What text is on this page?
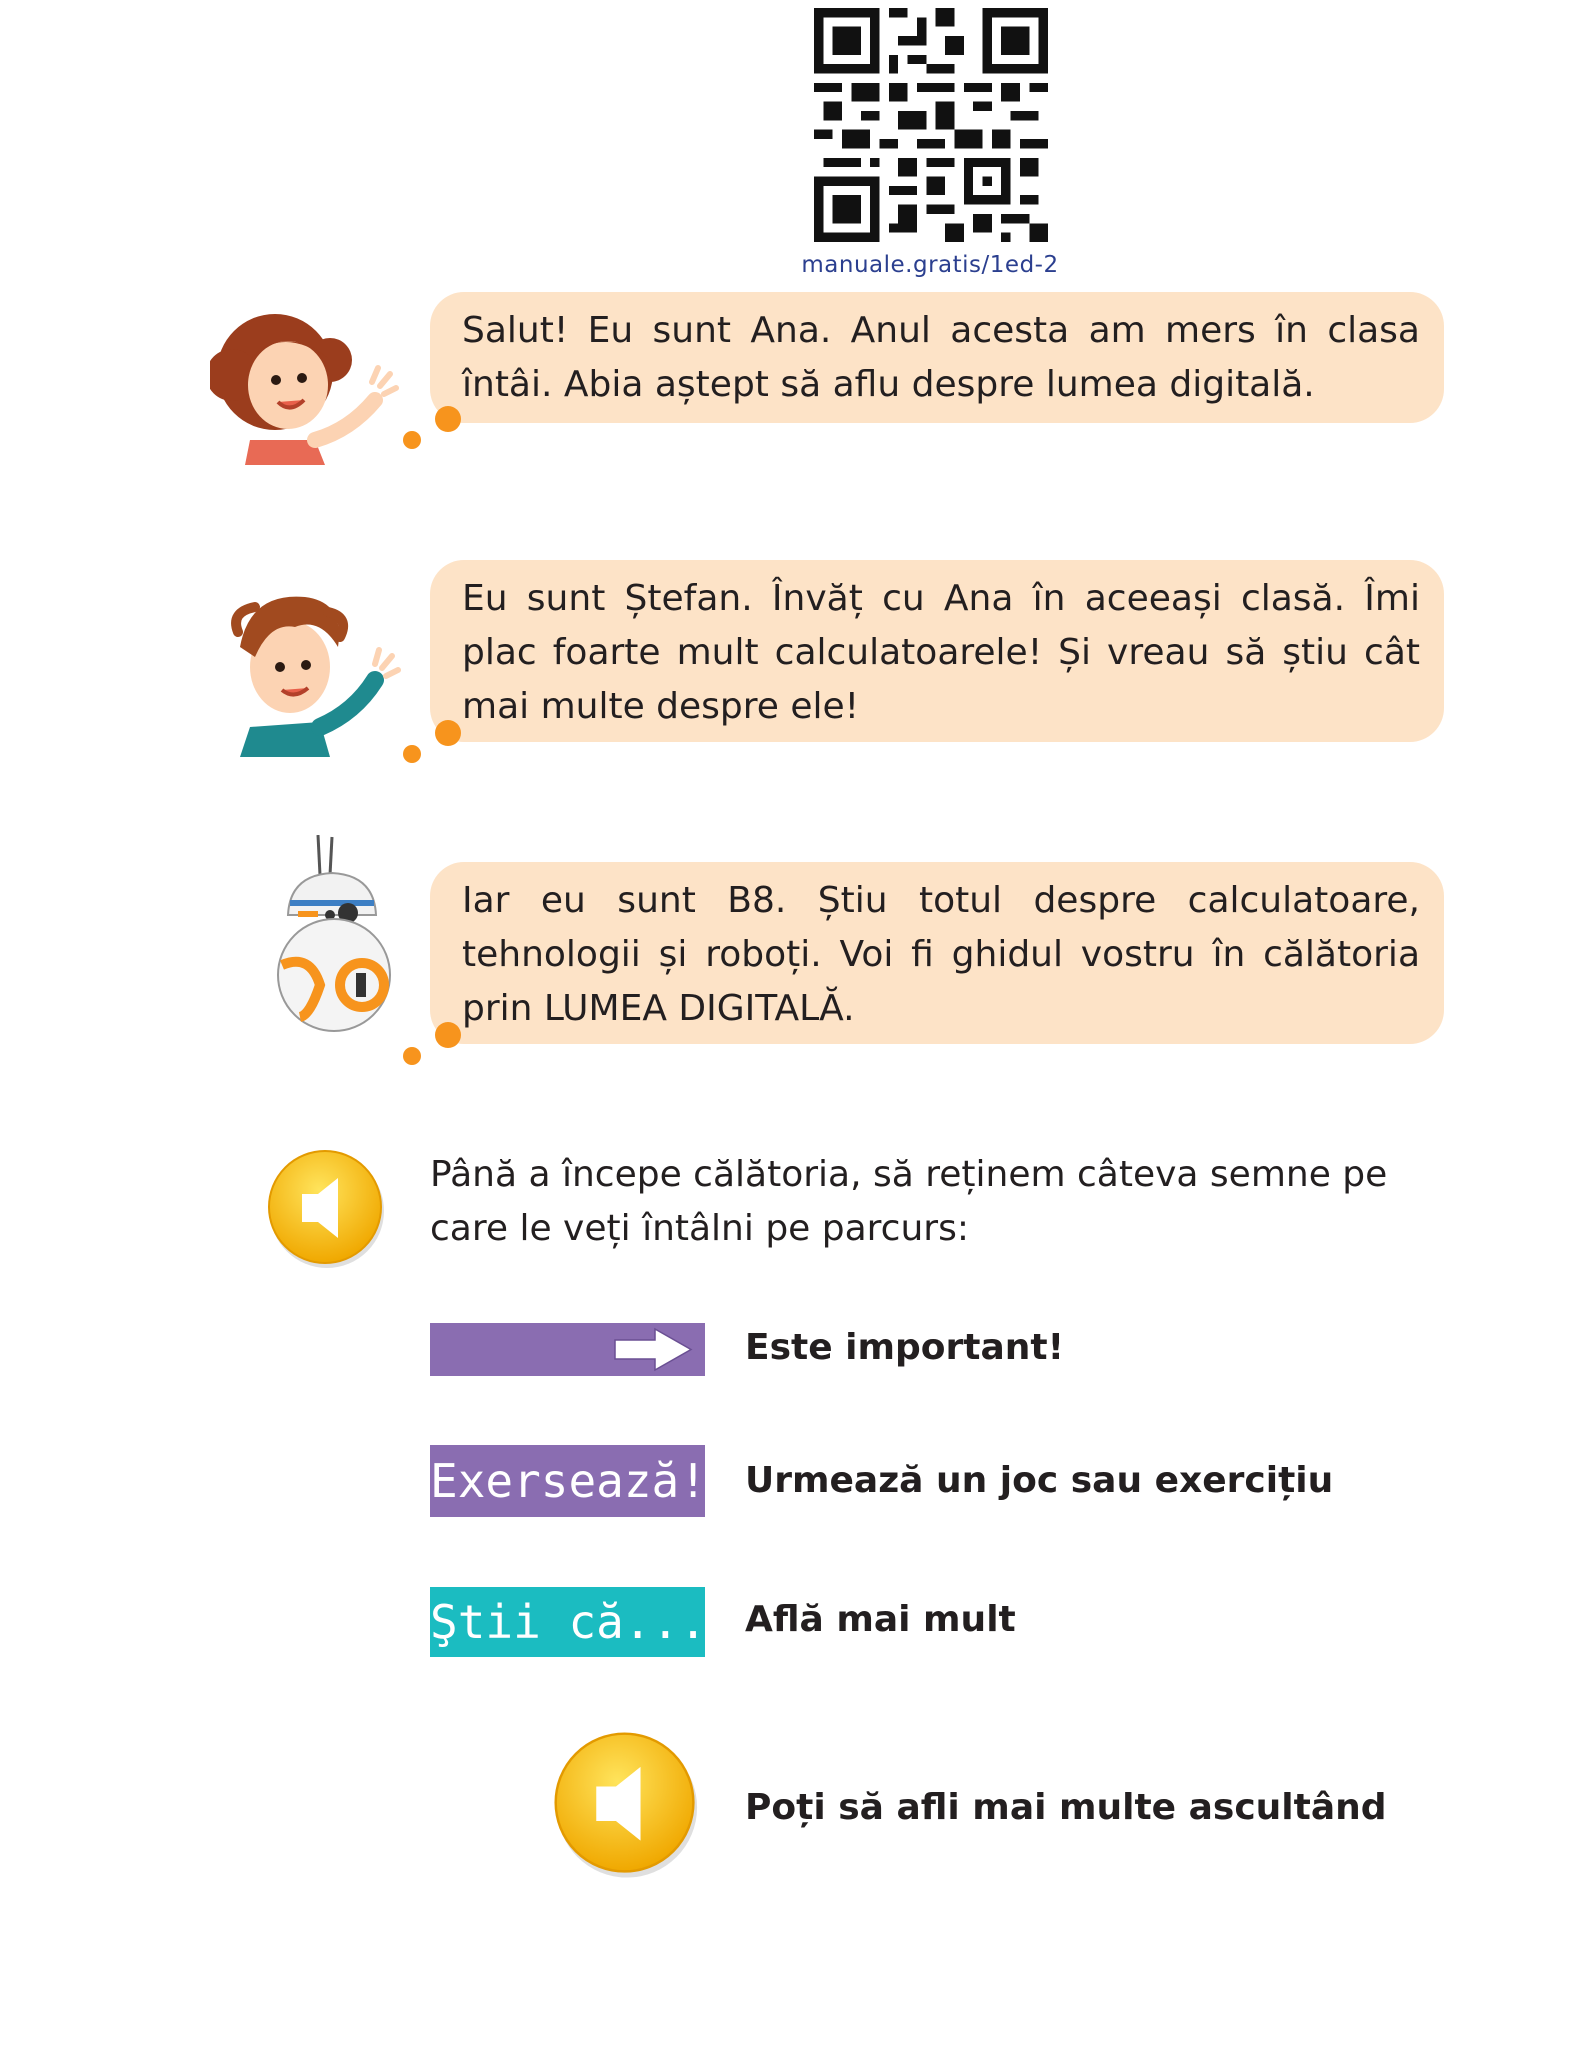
manuale.gratis/1ed-2
Salut! Eu sunt Ana. Anul acesta am mers în clasa întâi. Abia aștept să aflu despre lumea digitală.
Eu sunt Ștefan. Învăț cu Ana în aceeași clasă. Îmi plac foarte mult calculatoarele! Și vreau să știu cât mai multe despre ele!
Iar eu sunt B8. Știu totul despre calculatoare, tehnologii și roboți. Voi fi ghidul vostru în călătoria prin LUMEA DIGITALĂ.
Până a începe călătoria, să reținem câteva semne pe care le veți întâlni pe parcurs:
Este important!
Exersează! Urmează un joc sau exercițiu
Ştii că... Află mai mult
Poți să afli mai multe ascultând
